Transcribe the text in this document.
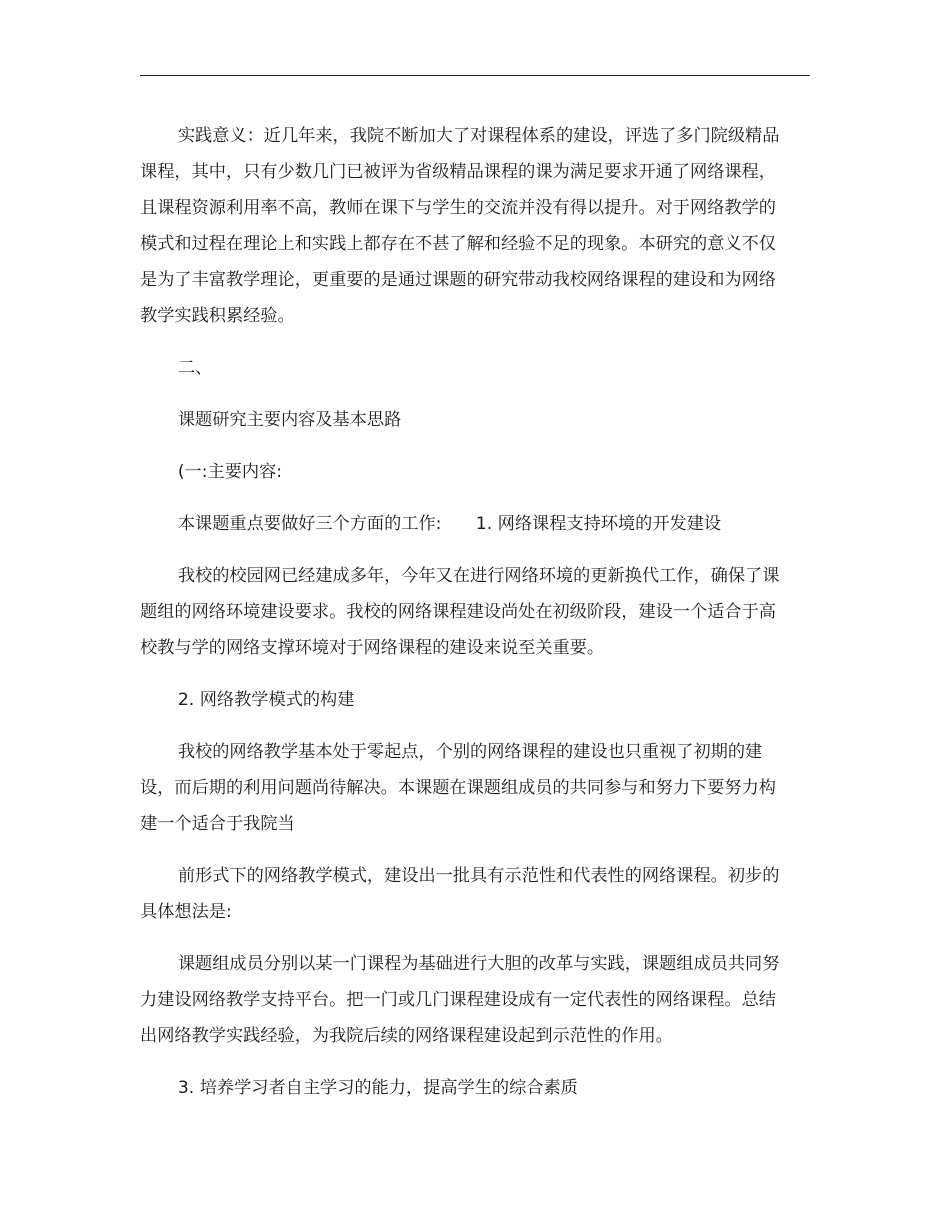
实践意义：近几年来，我院不断加大了对课程体系的建设，评选了多门院级精品课程，其中，只有少数几门已被评为省级精品课程的课为满足要求开通了网络课程，且课程资源利用率不高，教师在课下与学生的交流并没有得以提升。对于网络教学的模式和过程在理论上和实践上都存在不甚了解和经验不足的现象。本研究的意义不仅是为了丰富教学理论，更重要的是通过课题的研究带动我校网络课程的建设和为网络教学实践积累经验。

二、

课题研究主要内容及基本思路

(一:主要内容:

本课题重点要做好三个方面的工作:　　1. 网络课程支持环境的开发建设

我校的校园网已经建成多年，今年又在进行网络环境的更新换代工作，确保了课题组的网络环境建设要求。我校的网络课程建设尚处在初级阶段，建设一个适合于高校教与学的网络支撑环境对于网络课程的建设来说至关重要。

2. 网络教学模式的构建

我校的网络教学基本处于零起点，个别的网络课程的建设也只重视了初期的建设，而后期的利用问题尚待解决。本课题在课题组成员的共同参与和努力下要努力构建一个适合于我院当

前形式下的网络教学模式，建设出一批具有示范性和代表性的网络课程。初步的具体想法是:

课题组成员分别以某一门课程为基础进行大胆的改革与实践，课题组成员共同努力建设网络教学支持平台。把一门或几门课程建设成有一定代表性的网络课程。总结出网络教学实践经验，为我院后续的网络课程建设起到示范性的作用。

3. 培养学习者自主学习的能力，提高学生的综合素质
